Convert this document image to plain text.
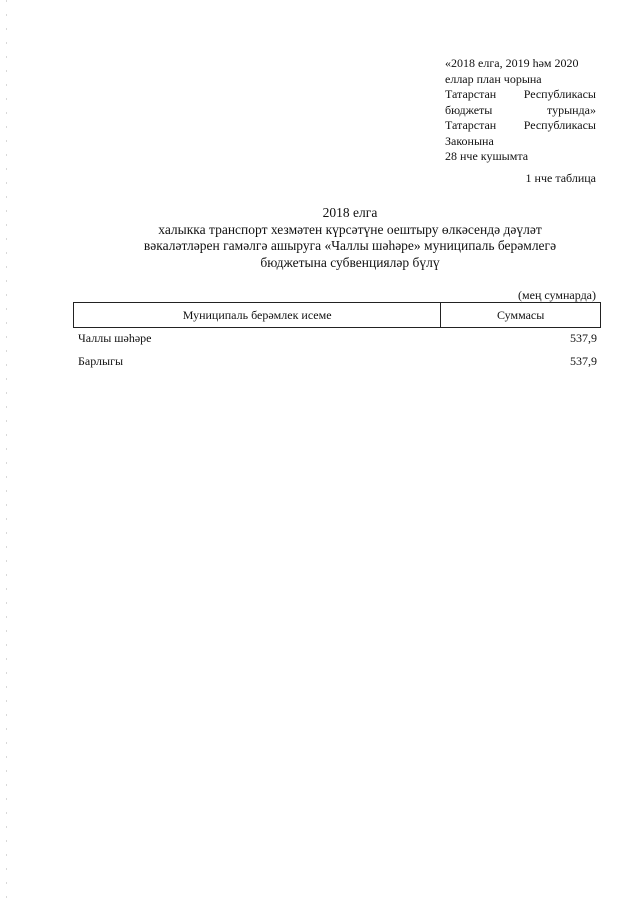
«2018 елга, 2019 һәм 2020
еллар план чорына
Татарстан Республикасы
бюджеты	турында»
Татарстан Республикасы
Законына
28 нче кушымта
1 нче таблица
2018 елга
халыкка транспорт хезмәтен күрсәтүне оештыру өлкәсендә дәүләт
вәкаләтләрен гамәлгә ашыруга «Чаллы шәһәре» муниципаль берәмлегә
бюджетына субвенцияләр бүлү
(мең сумнарда)
Муниципаль берәмлек исеме	Суммасы
Чаллы шәһәре	537,9
Барлыгы	537,9
